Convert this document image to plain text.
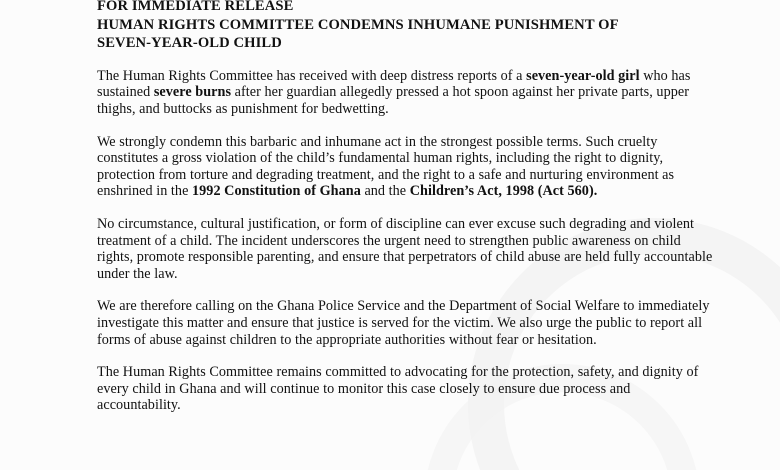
FOR IMMEDIATE RELEASE
HUMAN RIGHTS COMMITTEE CONDEMNS INHUMANE PUNISHMENT OF
SEVEN-YEAR-OLD CHILD

The Human Rights Committee has received with deep distress reports of a seven-year-old girl who has sustained severe burns after her guardian allegedly pressed a hot spoon against her private parts, upper thighs, and buttocks as punishment for bedwetting.

We strongly condemn this barbaric and inhumane act in the strongest possible terms. Such cruelty constitutes a gross violation of the child’s fundamental human rights, including the right to dignity, protection from torture and degrading treatment, and the right to a safe and nurturing environment as enshrined in the 1992 Constitution of Ghana and the Children’s Act, 1998 (Act 560).

No circumstance, cultural justification, or form of discipline can ever excuse such degrading and violent treatment of a child. The incident underscores the urgent need to strengthen public awareness on child rights, promote responsible parenting, and ensure that perpetrators of child abuse are held fully accountable under the law.

We are therefore calling on the Ghana Police Service and the Department of Social Welfare to immediately investigate this matter and ensure that justice is served for the victim. We also urge the public to report all forms of abuse against children to the appropriate authorities without fear or hesitation.

The Human Rights Committee remains committed to advocating for the protection, safety, and dignity of every child in Ghana and will continue to monitor this case closely to ensure due process and accountability.
